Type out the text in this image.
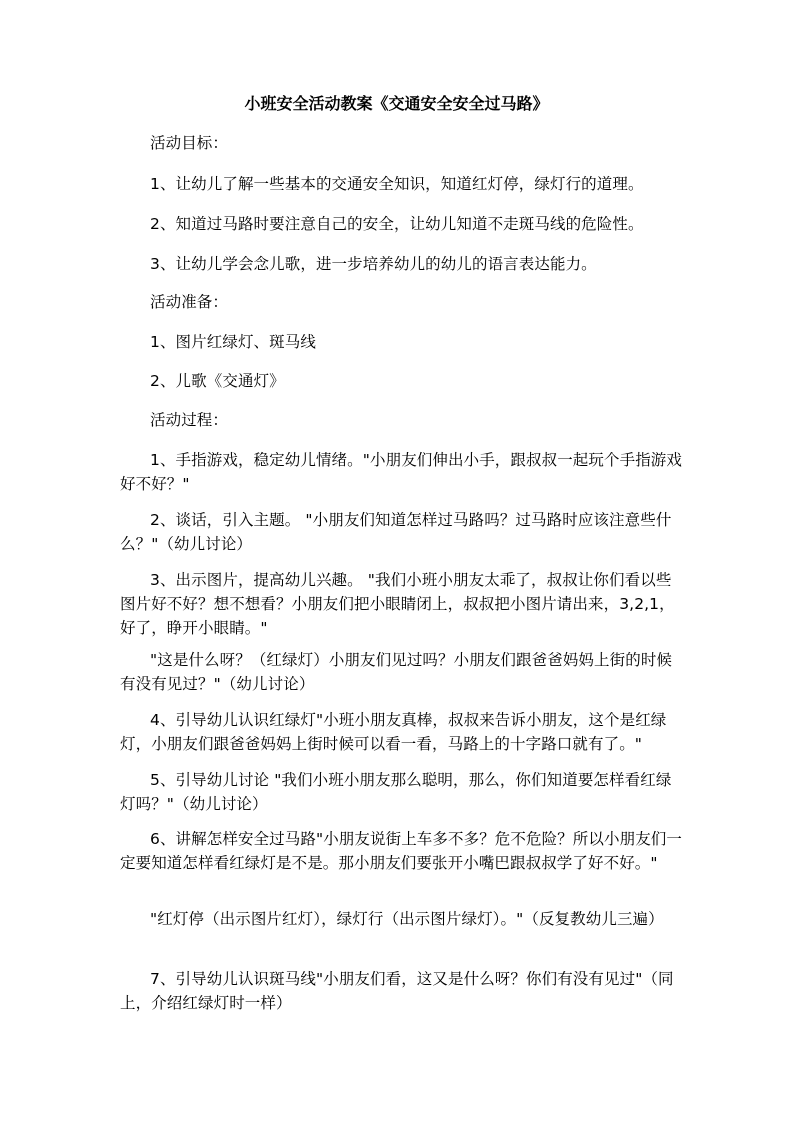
小班安全活动教案《交通安全安全过马路》
活动目标：
1、让幼儿了解一些基本的交通安全知识，知道红灯停，绿灯行的道理。
2、知道过马路时要注意自己的安全，让幼儿知道不走斑马线的危险性。
3、让幼儿学会念儿歌，进一步培养幼儿的幼儿的语言表达能力。
活动准备：
1、图片红绿灯、斑马线
2、儿歌《交通灯》
活动过程：
1、手指游戏，稳定幼儿情绪。"小朋友们伸出小手，跟叔叔一起玩个手指游戏好不好？"
2、谈话，引入主题。 "小朋友们知道怎样过马路吗？过马路时应该注意些什么？"（幼儿讨论）
3、出示图片，提高幼儿兴趣。 "我们小班小朋友太乖了，叔叔让你们看以些图片好不好？想不想看？小朋友们把小眼睛闭上，叔叔把小图片请出来，3,2,1，好了，睁开小眼睛。"
"这是什么呀？（红绿灯）小朋友们见过吗？小朋友们跟爸爸妈妈上街的时候有没有见过？"（幼儿讨论）
4、引导幼儿认识红绿灯"小班小朋友真棒，叔叔来告诉小朋友，这个是红绿灯，小朋友们跟爸爸妈妈上街时候可以看一看，马路上的十字路口就有了。"
5、引导幼儿讨论 "我们小班小朋友那么聪明，那么，你们知道要怎样看红绿灯吗？"（幼儿讨论）
6、讲解怎样安全过马路"小朋友说街上车多不多？危不危险？所以小朋友们一定要知道怎样看红绿灯是不是。那小朋友们要张开小嘴巴跟叔叔学了好不好。"
"红灯停（出示图片红灯），绿灯行（出示图片绿灯）。"（反复教幼儿三遍）
7、引导幼儿认识斑马线"小朋友们看，这又是什么呀？你们有没有见过"（同上，介绍红绿灯时一样）
